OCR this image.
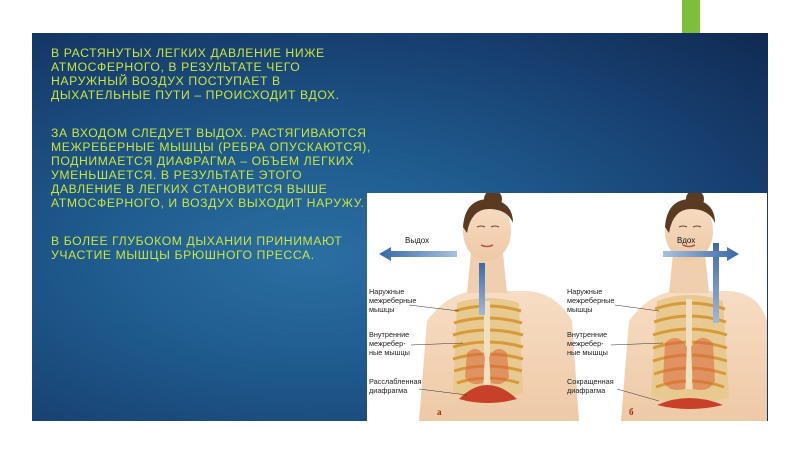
В РАСТЯНУТЫХ ЛЕГКИХ ДАВЛЕНИЕ НИЖЕ АТМОСФЕРНОГО, В РЕЗУЛЬТАТЕ ЧЕГО НАРУЖНЫЙ ВОЗДУХ ПОСТУПАЕТ В ДЫХАТЕЛЬНЫЕ ПУТИ – ПРОИСХОДИТ ВДОХ.

ЗА ВХОДОМ СЛЕДУЕТ ВЫДОХ. РАСТЯГИВАЮТСЯ МЕЖРЕБЕРНЫЕ МЫШЦЫ (РЕБРА ОПУСКАЮТСЯ), ПОДНИМАЕТСЯ ДИАФРАГМА – ОБЪЕМ ЛЕГКИХ УМЕНЬШАЕТСЯ. В РЕЗУЛЬТАТЕ ЭТОГО ДАВЛЕНИЕ В ЛЕГКИХ СТАНОВИТСЯ ВЫШЕ АТМОСФЕРНОГО, И ВОЗДУХ ВЫХОДИТ НАРУЖУ.

В БОЛЕЕ ГЛУБОКОМ ДЫХАНИИ ПРИНИМАЮТ УЧАСТИЕ МЫШЦЫ БРЮШНОГО ПРЕССА.

Выдох
Наружные
межреберные
мышцы
Внутренние
межребер-
ные мышцы
Расслабленная
диафрагма
а
Вдох
Наружные
межреберные
мышцы
Внутренние
межребер-
ные мышцы
Сокращенная
диафрагма
б
